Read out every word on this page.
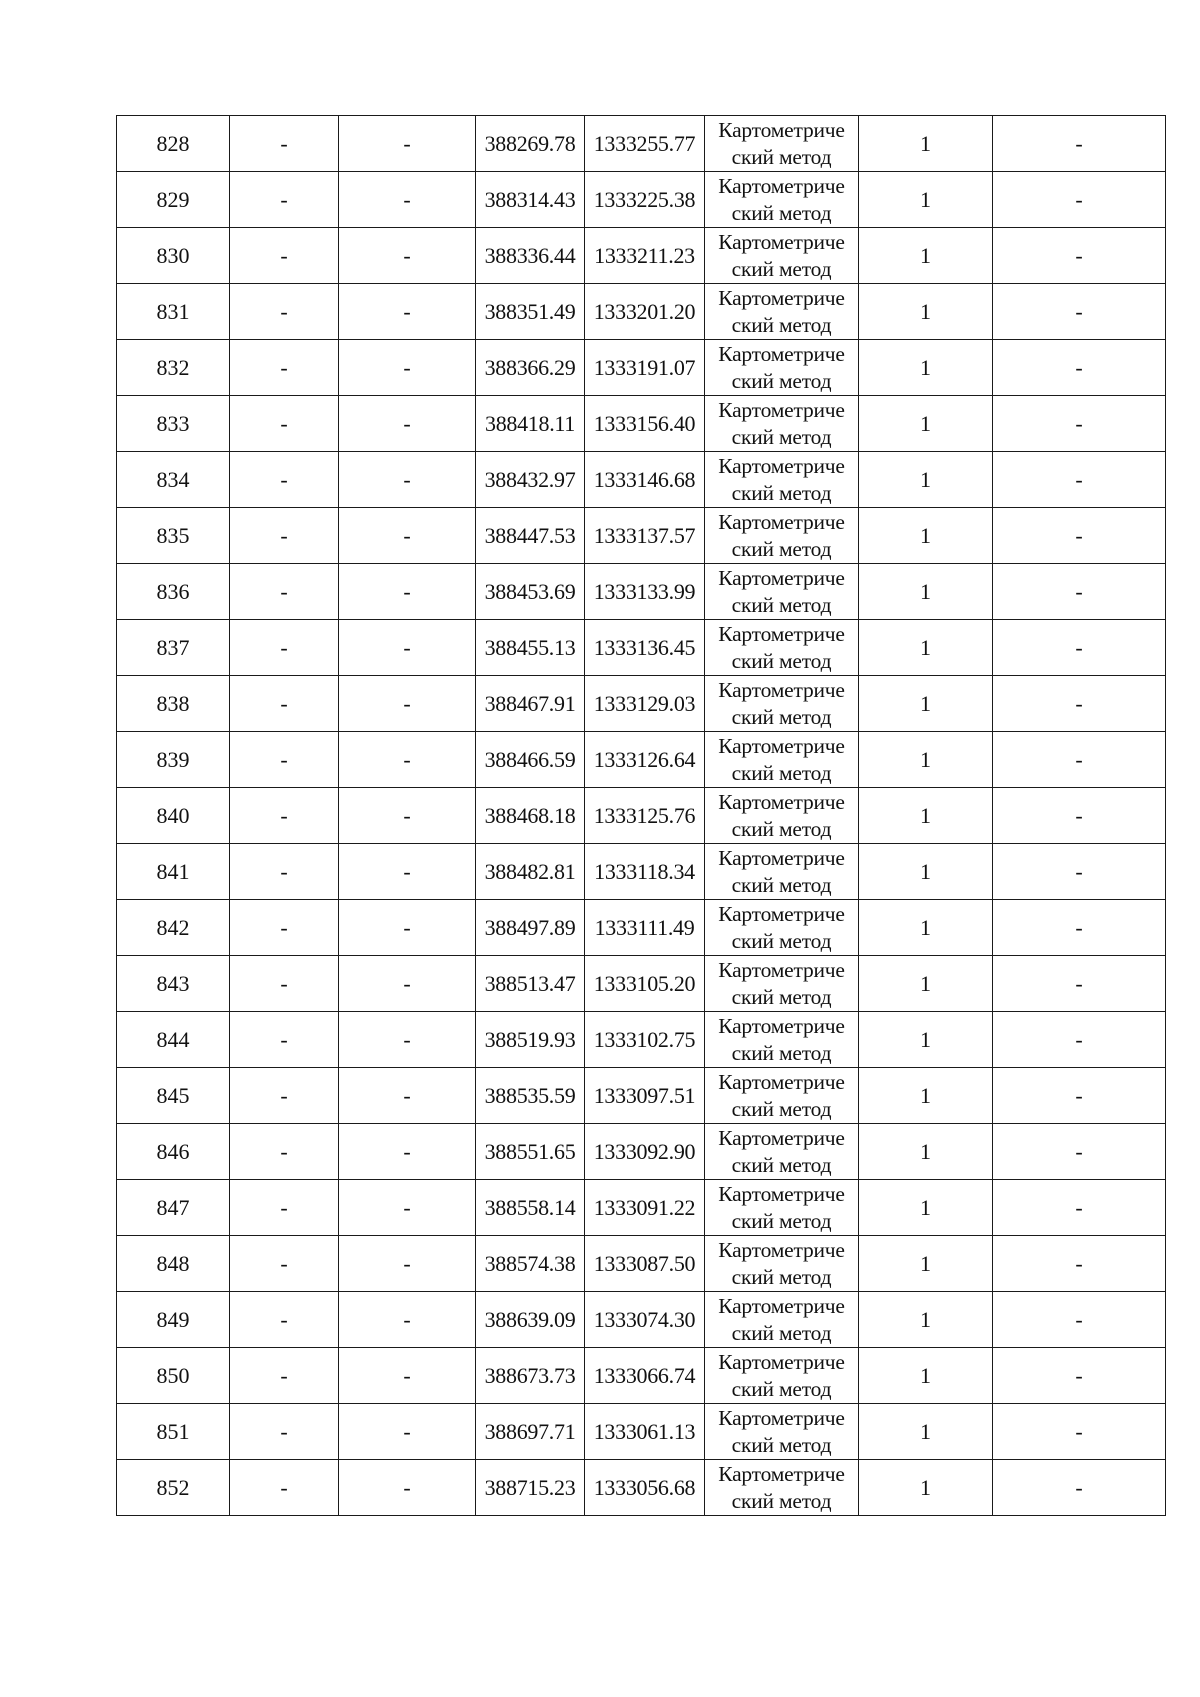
828	-	-	388269.78	1333255.77	Картометриче
ский метод	1	-
829	-	-	388314.43	1333225.38	Картометриче
ский метод	1	-
830	-	-	388336.44	1333211.23	Картометриче
ский метод	1	-
831	-	-	388351.49	1333201.20	Картометриче
ский метод	1	-
832	-	-	388366.29	1333191.07	Картометриче
ский метод	1	-
833	-	-	388418.11	1333156.40	Картометриче
ский метод	1	-
834	-	-	388432.97	1333146.68	Картометриче
ский метод	1	-
835	-	-	388447.53	1333137.57	Картометриче
ский метод	1	-
836	-	-	388453.69	1333133.99	Картометриче
ский метод	1	-
837	-	-	388455.13	1333136.45	Картометриче
ский метод	1	-
838	-	-	388467.91	1333129.03	Картометриче
ский метод	1	-
839	-	-	388466.59	1333126.64	Картометриче
ский метод	1	-
840	-	-	388468.18	1333125.76	Картометриче
ский метод	1	-
841	-	-	388482.81	1333118.34	Картометриче
ский метод	1	-
842	-	-	388497.89	1333111.49	Картометриче
ский метод	1	-
843	-	-	388513.47	1333105.20	Картометриче
ский метод	1	-
844	-	-	388519.93	1333102.75	Картометриче
ский метод	1	-
845	-	-	388535.59	1333097.51	Картометриче
ский метод	1	-
846	-	-	388551.65	1333092.90	Картометриче
ский метод	1	-
847	-	-	388558.14	1333091.22	Картометриче
ский метод	1	-
848	-	-	388574.38	1333087.50	Картометриче
ский метод	1	-
849	-	-	388639.09	1333074.30	Картометриче
ский метод	1	-
850	-	-	388673.73	1333066.74	Картометриче
ский метод	1	-
851	-	-	388697.71	1333061.13	Картометриче
ский метод	1	-
852	-	-	388715.23	1333056.68	Картометриче
ский метод	1	-
